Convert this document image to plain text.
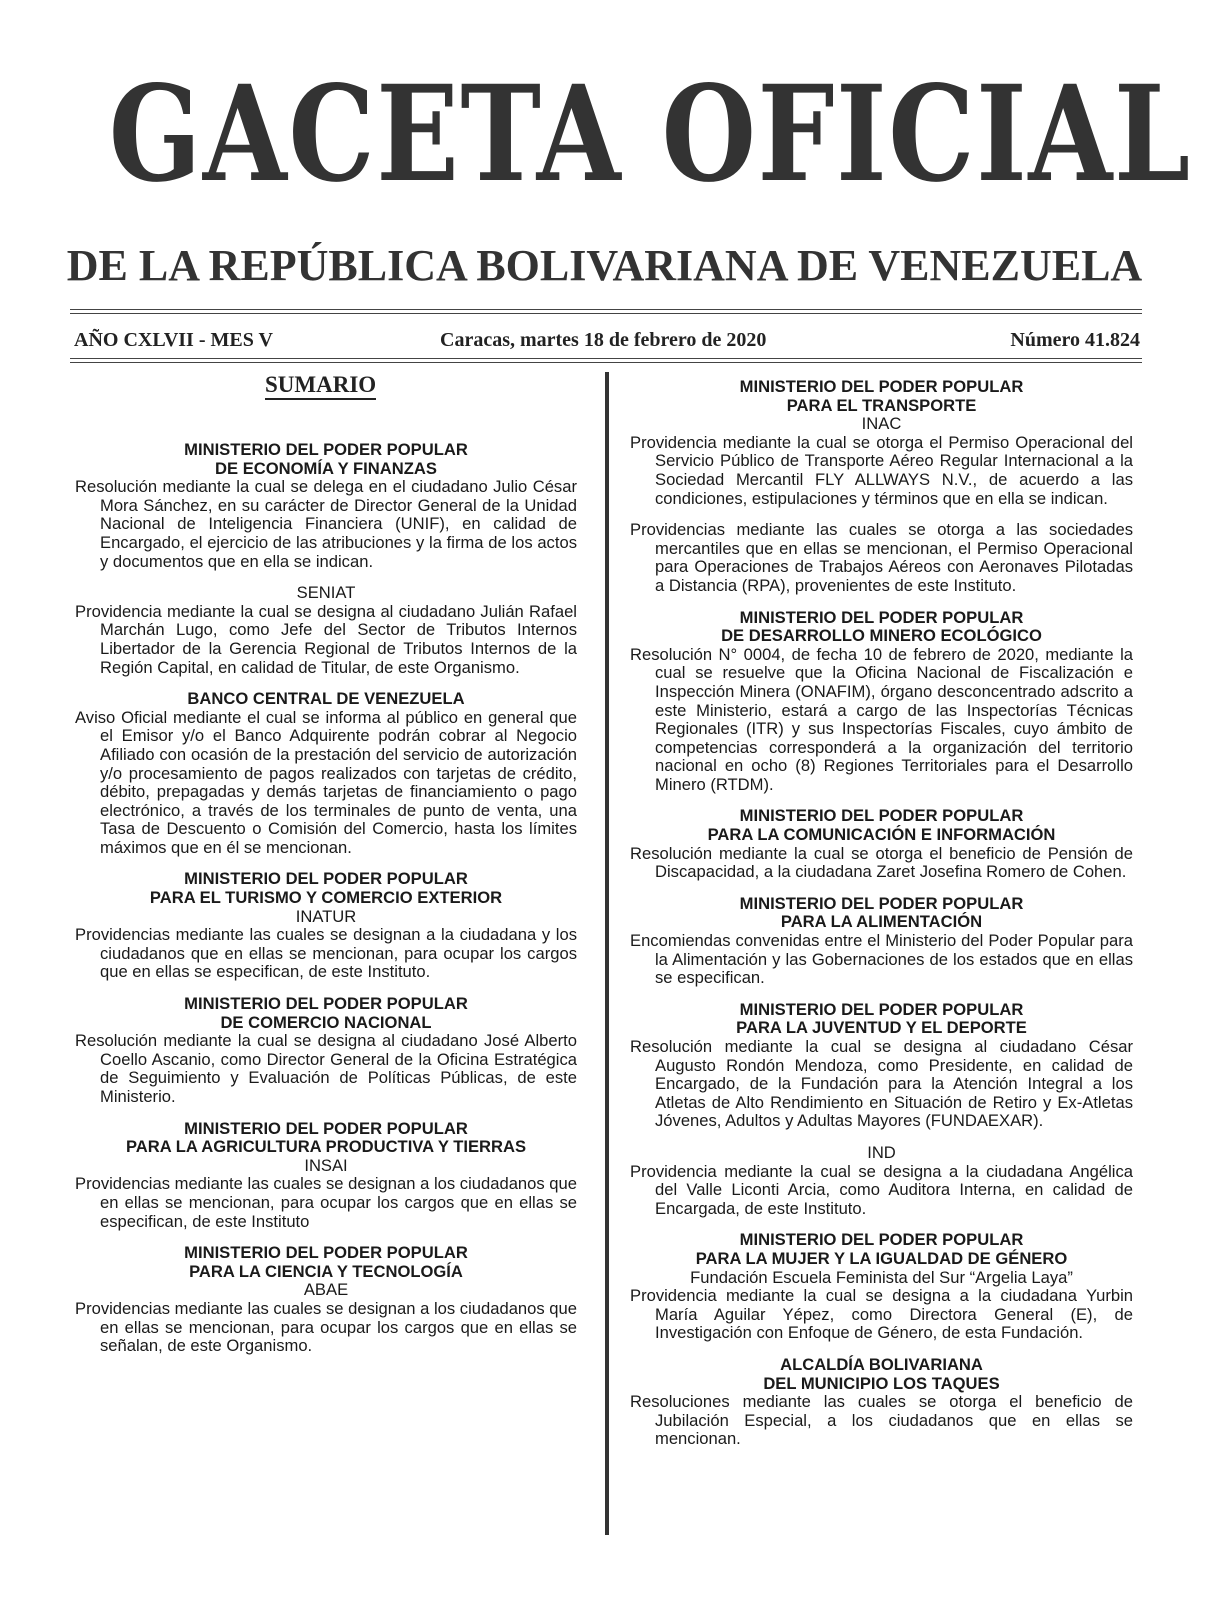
GACETA OFICIAL
DE LA REPÚBLICA BOLIVARIANA DE VENEZUELA
AÑO CXLVII - MES V	Caracas, martes 18 de febrero de 2020	Número 41.824
SUMARIO
MINISTERIO DEL PODER POPULAR
DE ECONOMÍA Y FINANZAS
Resolución mediante la cual se delega en el ciudadano Julio César Mora Sánchez, en su carácter de Director General de la Unidad Nacional de Inteligencia Financiera (UNIF), en calidad de Encargado, el ejercicio de las atribuciones y la firma de los actos y documentos que en ella se indican.
SENIAT
Providencia mediante la cual se designa al ciudadano Julián Rafael Marchán Lugo, como Jefe del Sector de Tributos Internos Libertador de la Gerencia Regional de Tributos Internos de la Región Capital, en calidad de Titular, de este Organismo.
BANCO CENTRAL DE VENEZUELA
Aviso Oficial mediante el cual se informa al público en general que el Emisor y/o el Banco Adquirente podrán cobrar al Negocio Afiliado con ocasión de la prestación del servicio de autorización y/o procesamiento de pagos realizados con tarjetas de crédito, débito, prepagadas y demás tarjetas de financiamiento o pago electrónico, a través de los terminales de punto de venta, una Tasa de Descuento o Comisión del Comercio, hasta los límites máximos que en él se mencionan.
MINISTERIO DEL PODER POPULAR
PARA EL TURISMO Y COMERCIO EXTERIOR
INATUR
Providencias mediante las cuales se designan a la ciudadana y los ciudadanos que en ellas se mencionan, para ocupar los cargos que en ellas se especifican, de este Instituto.
MINISTERIO DEL PODER POPULAR
DE COMERCIO NACIONAL
Resolución mediante la cual se designa al ciudadano José Alberto Coello Ascanio, como Director General de la Oficina Estratégica de Seguimiento y Evaluación de Políticas Públicas, de este Ministerio.
MINISTERIO DEL PODER POPULAR
PARA LA AGRICULTURA PRODUCTIVA Y TIERRAS
INSAI
Providencias mediante las cuales se designan a los ciudadanos que en ellas se mencionan, para ocupar los cargos que en ellas se especifican, de este Instituto
MINISTERIO DEL PODER POPULAR
PARA LA CIENCIA Y TECNOLOGÍA
ABAE
Providencias mediante las cuales se designan a los ciudadanos que en ellas se mencionan, para ocupar los cargos que en ellas se señalan, de este Organismo.
MINISTERIO DEL PODER POPULAR
PARA EL TRANSPORTE
INAC
Providencia mediante la cual se otorga el Permiso Operacional del Servicio Público de Transporte Aéreo Regular Internacional a la Sociedad Mercantil FLY ALLWAYS N.V., de acuerdo a las condiciones, estipulaciones y términos que en ella se indican.
Providencias mediante las cuales se otorga a las sociedades mercantiles que en ellas se mencionan, el Permiso Operacional para Operaciones de Trabajos Aéreos con Aeronaves Pilotadas a Distancia (RPA), provenientes de este Instituto.
MINISTERIO DEL PODER POPULAR
DE DESARROLLO MINERO ECOLÓGICO
Resolución N° 0004, de fecha 10 de febrero de 2020, mediante la cual se resuelve que la Oficina Nacional de Fiscalización e Inspección Minera (ONAFIM), órgano desconcentrado adscrito a este Ministerio, estará a cargo de las Inspectorías Técnicas Regionales (ITR) y sus Inspectorías Fiscales, cuyo ámbito de competencias corresponderá a la organización del territorio nacional en ocho (8) Regiones Territoriales para el Desarrollo Minero (RTDM).
MINISTERIO DEL PODER POPULAR
PARA LA COMUNICACIÓN E INFORMACIÓN
Resolución mediante la cual se otorga el beneficio de Pensión de Discapacidad, a la ciudadana Zaret Josefina Romero de Cohen.
MINISTERIO DEL PODER POPULAR
PARA LA ALIMENTACIÓN
Encomiendas convenidas entre el Ministerio del Poder Popular para la Alimentación y las Gobernaciones de los estados que en ellas se especifican.
MINISTERIO DEL PODER POPULAR
PARA LA JUVENTUD Y EL DEPORTE
Resolución mediante la cual se designa al ciudadano César Augusto Rondón Mendoza, como Presidente, en calidad de Encargado, de la Fundación para la Atención Integral a los Atletas de Alto Rendimiento en Situación de Retiro y Ex-Atletas Jóvenes, Adultos y Adultas Mayores (FUNDAEXAR).
IND
Providencia mediante la cual se designa a la ciudadana Angélica del Valle Liconti Arcia, como Auditora Interna, en calidad de Encargada, de este Instituto.
MINISTERIO DEL PODER POPULAR
PARA LA MUJER Y LA IGUALDAD DE GÉNERO
Fundación Escuela Feminista del Sur “Argelia Laya”
Providencia mediante la cual se designa a la ciudadana Yurbin María Aguilar Yépez, como Directora General (E), de Investigación con Enfoque de Género, de esta Fundación.
ALCALDÍA BOLIVARIANA
DEL MUNICIPIO LOS TAQUES
Resoluciones mediante las cuales se otorga el beneficio de Jubilación Especial, a los ciudadanos que en ellas se mencionan.
